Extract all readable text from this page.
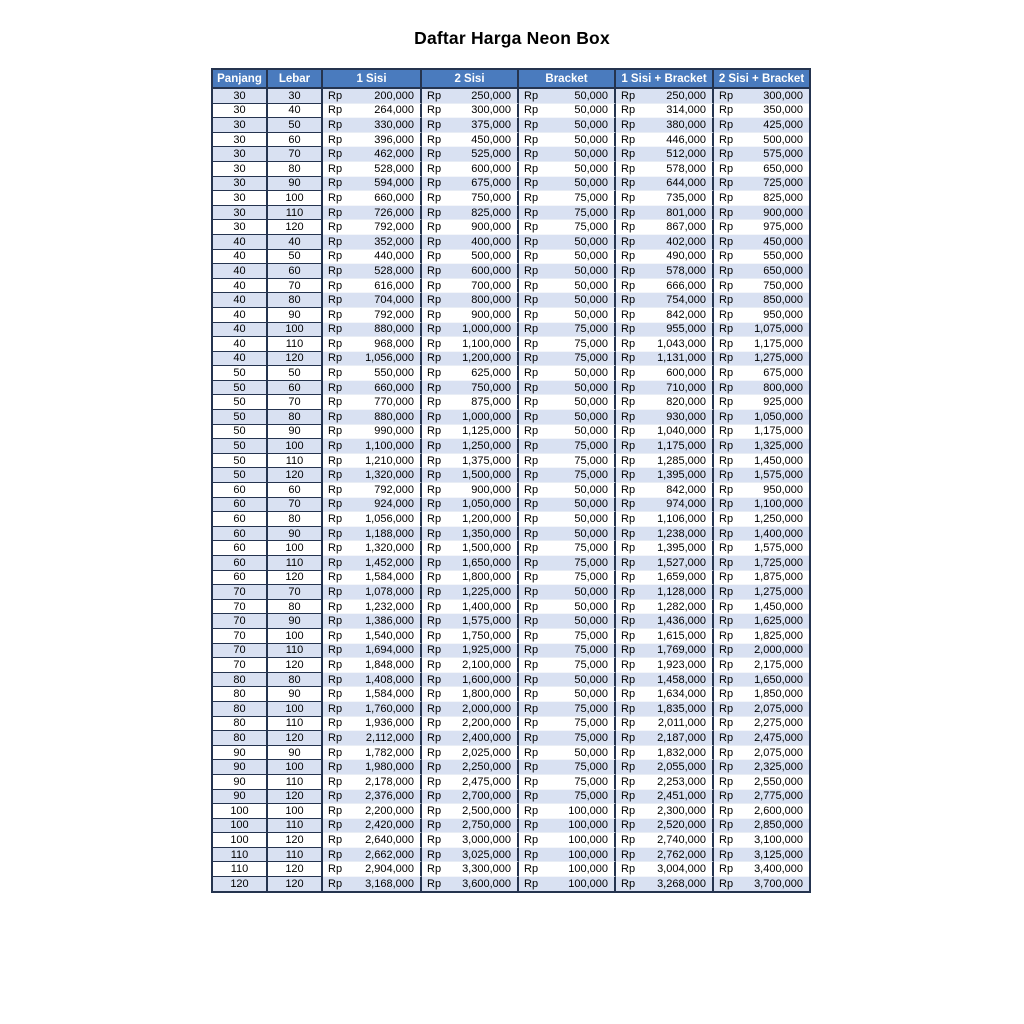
Daftar Harga Neon Box
Panjang	Lebar	1 Sisi	2 Sisi	Bracket	1 Sisi + Bracket	2 Sisi + Bracket
30	30	Rp 200,000	Rp 250,000	Rp 50,000	Rp 250,000	Rp 300,000

30	40	Rp 264,000	Rp 300,000	Rp 50,000	Rp 314,000	Rp 350,000

30	50	Rp 330,000	Rp 375,000	Rp 50,000	Rp 380,000	Rp 425,000

30	60	Rp 396,000	Rp 450,000	Rp 50,000	Rp 446,000	Rp 500,000

30	70	Rp 462,000	Rp 525,000	Rp 50,000	Rp 512,000	Rp 575,000

30	80	Rp 528,000	Rp 600,000	Rp 50,000	Rp 578,000	Rp 650,000

30	90	Rp 594,000	Rp 675,000	Rp 50,000	Rp 644,000	Rp 725,000

30	100	Rp 660,000	Rp 750,000	Rp 75,000	Rp 735,000	Rp 825,000

30	110	Rp 726,000	Rp 825,000	Rp 75,000	Rp 801,000	Rp 900,000

30	120	Rp 792,000	Rp 900,000	Rp 75,000	Rp 867,000	Rp 975,000

40	40	Rp 352,000	Rp 400,000	Rp 50,000	Rp 402,000	Rp 450,000

40	50	Rp 440,000	Rp 500,000	Rp 50,000	Rp 490,000	Rp 550,000

40	60	Rp 528,000	Rp 600,000	Rp 50,000	Rp 578,000	Rp 650,000

40	70	Rp 616,000	Rp 700,000	Rp 50,000	Rp 666,000	Rp 750,000

40	80	Rp 704,000	Rp 800,000	Rp 50,000	Rp 754,000	Rp 850,000

40	90	Rp 792,000	Rp 900,000	Rp 50,000	Rp 842,000	Rp 950,000

40	100	Rp 880,000	Rp 1,000,000	Rp 75,000	Rp 955,000	Rp 1,075,000

40	110	Rp 968,000	Rp 1,100,000	Rp 75,000	Rp 1,043,000	Rp 1,175,000

40	120	Rp 1,056,000	Rp 1,200,000	Rp 75,000	Rp 1,131,000	Rp 1,275,000

50	50	Rp 550,000	Rp 625,000	Rp 50,000	Rp 600,000	Rp 675,000

50	60	Rp 660,000	Rp 750,000	Rp 50,000	Rp 710,000	Rp 800,000

50	70	Rp 770,000	Rp 875,000	Rp 50,000	Rp 820,000	Rp 925,000

50	80	Rp 880,000	Rp 1,000,000	Rp 50,000	Rp 930,000	Rp 1,050,000

50	90	Rp 990,000	Rp 1,125,000	Rp 50,000	Rp 1,040,000	Rp 1,175,000

50	100	Rp 1,100,000	Rp 1,250,000	Rp 75,000	Rp 1,175,000	Rp 1,325,000

50	110	Rp 1,210,000	Rp 1,375,000	Rp 75,000	Rp 1,285,000	Rp 1,450,000

50	120	Rp 1,320,000	Rp 1,500,000	Rp 75,000	Rp 1,395,000	Rp 1,575,000

60	60	Rp 792,000	Rp 900,000	Rp 50,000	Rp 842,000	Rp 950,000

60	70	Rp 924,000	Rp 1,050,000	Rp 50,000	Rp 974,000	Rp 1,100,000

60	80	Rp 1,056,000	Rp 1,200,000	Rp 50,000	Rp 1,106,000	Rp 1,250,000

60	90	Rp 1,188,000	Rp 1,350,000	Rp 50,000	Rp 1,238,000	Rp 1,400,000

60	100	Rp 1,320,000	Rp 1,500,000	Rp 75,000	Rp 1,395,000	Rp 1,575,000

60	110	Rp 1,452,000	Rp 1,650,000	Rp 75,000	Rp 1,527,000	Rp 1,725,000

60	120	Rp 1,584,000	Rp 1,800,000	Rp 75,000	Rp 1,659,000	Rp 1,875,000

70	70	Rp 1,078,000	Rp 1,225,000	Rp 50,000	Rp 1,128,000	Rp 1,275,000

70	80	Rp 1,232,000	Rp 1,400,000	Rp 50,000	Rp 1,282,000	Rp 1,450,000

70	90	Rp 1,386,000	Rp 1,575,000	Rp 50,000	Rp 1,436,000	Rp 1,625,000

70	100	Rp 1,540,000	Rp 1,750,000	Rp 75,000	Rp 1,615,000	Rp 1,825,000

70	110	Rp 1,694,000	Rp 1,925,000	Rp 75,000	Rp 1,769,000	Rp 2,000,000

70	120	Rp 1,848,000	Rp 2,100,000	Rp 75,000	Rp 1,923,000	Rp 2,175,000

80	80	Rp 1,408,000	Rp 1,600,000	Rp 50,000	Rp 1,458,000	Rp 1,650,000

80	90	Rp 1,584,000	Rp 1,800,000	Rp 50,000	Rp 1,634,000	Rp 1,850,000

80	100	Rp 1,760,000	Rp 2,000,000	Rp 75,000	Rp 1,835,000	Rp 2,075,000

80	110	Rp 1,936,000	Rp 2,200,000	Rp 75,000	Rp 2,011,000	Rp 2,275,000

80	120	Rp 2,112,000	Rp 2,400,000	Rp 75,000	Rp 2,187,000	Rp 2,475,000

90	90	Rp 1,782,000	Rp 2,025,000	Rp 50,000	Rp 1,832,000	Rp 2,075,000

90	100	Rp 1,980,000	Rp 2,250,000	Rp 75,000	Rp 2,055,000	Rp 2,325,000

90	110	Rp 2,178,000	Rp 2,475,000	Rp 75,000	Rp 2,253,000	Rp 2,550,000

90	120	Rp 2,376,000	Rp 2,700,000	Rp 75,000	Rp 2,451,000	Rp 2,775,000

100	100	Rp 2,200,000	Rp 2,500,000	Rp 100,000	Rp 2,300,000	Rp 2,600,000

100	110	Rp 2,420,000	Rp 2,750,000	Rp 100,000	Rp 2,520,000	Rp 2,850,000

100	120	Rp 2,640,000	Rp 3,000,000	Rp 100,000	Rp 2,740,000	Rp 3,100,000

110	110	Rp 2,662,000	Rp 3,025,000	Rp 100,000	Rp 2,762,000	Rp 3,125,000

110	120	Rp 2,904,000	Rp 3,300,000	Rp 100,000	Rp 3,004,000	Rp 3,400,000

120	120	Rp 3,168,000	Rp 3,600,000	Rp 100,000	Rp 3,268,000	Rp 3,700,000
